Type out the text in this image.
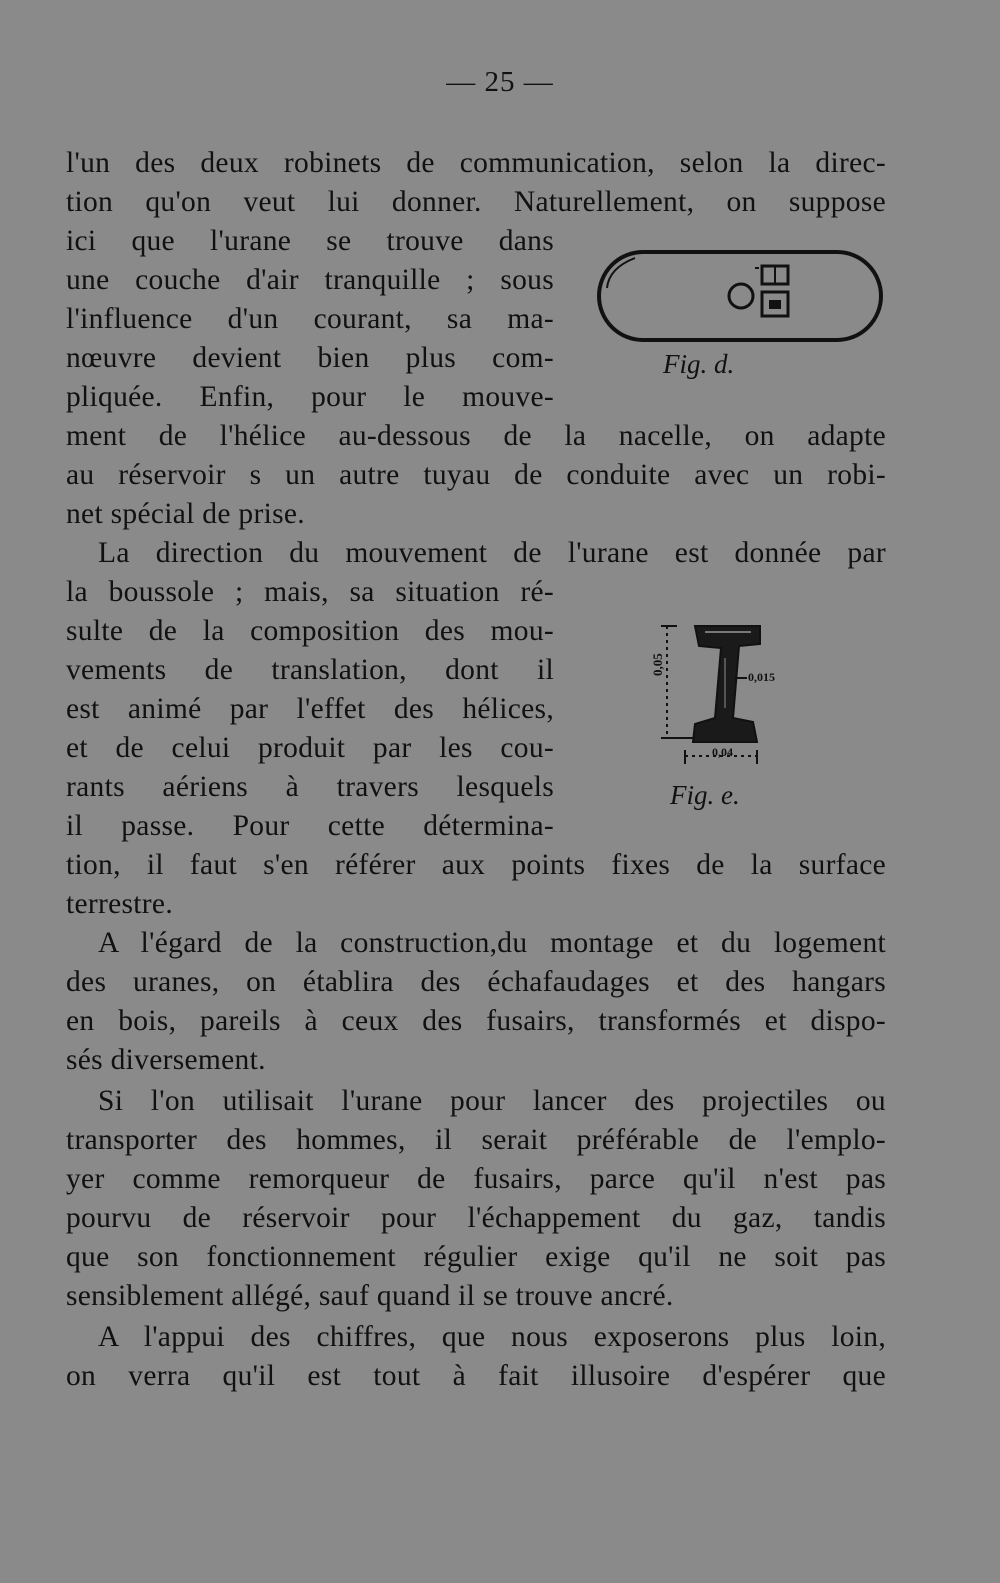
— 25 —
l'un des deux robinets de communication, selon la direc-
tion qu'on veut lui donner. Naturellement, on suppose
ici que l'urane se trouve dans
une couche d'air tranquille ; sous
l'influence d'un courant, sa ma-
nœuvre devient bien plus com-
pliquée. Enfin, pour le mouve-
ment de l'hélice au-dessous de la nacelle, on adapte
au réservoir s un autre tuyau de conduite avec un robi-
net spécial de prise.
Fig. d.
La direction du mouvement de l'urane est donnée par
la boussole ; mais, sa situation ré-
sulte de la composition des mou-
vements de translation, dont il
est animé par l'effet des hélices,
et de celui produit par les cou-
rants aériens à travers lesquels
il passe. Pour cette détermina-
tion, il faut s'en référer aux points fixes de la surface
terrestre.
0,05
0,015
0,04
Fig. e.
A l'égard de la construction,du montage et du logement
des uranes, on établira des échafaudages et des hangars
en bois, pareils à ceux des fusairs, transformés et dispo-
sés diversement.
Si l'on utilisait l'urane pour lancer des projectiles ou
transporter des hommes, il serait préférable de l'emplo-
yer comme remorqueur de fusairs, parce qu'il n'est pas
pourvu de réservoir pour l'échappement du gaz, tandis
que son fonctionnement régulier exige qu'il ne soit pas
sensiblement allégé, sauf quand il se trouve ancré.
A l'appui des chiffres, que nous exposerons plus loin,
on verra qu'il est tout à fait illusoire d'espérer que
